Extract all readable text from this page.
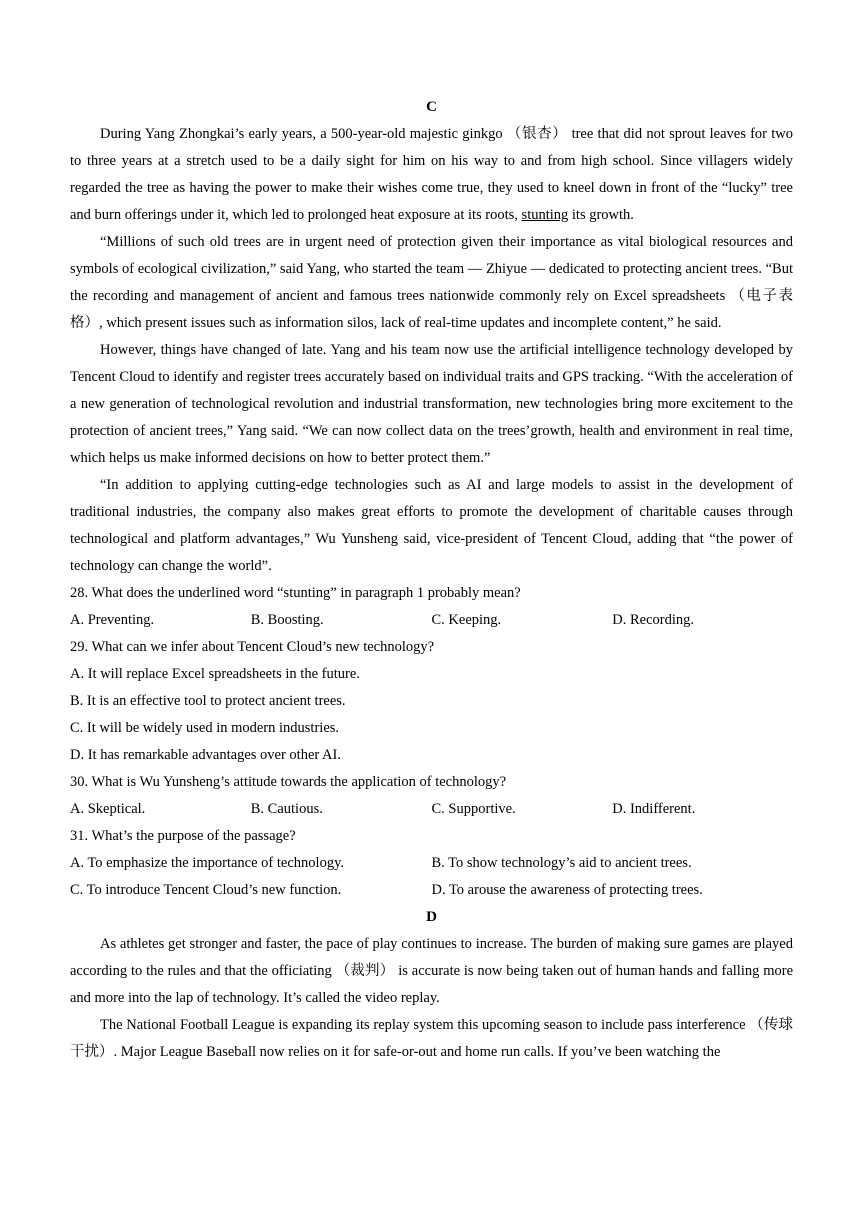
C

During Yang Zhongkai’s early years, a 500-year-old majestic ginkgo （银杏） tree that did not sprout leaves for two to three years at a stretch used to be a daily sight for him on his way to and from high school. Since villagers widely regarded the tree as having the power to make their wishes come true, they used to kneel down in front of the “lucky” tree and burn offerings under it, which led to prolonged heat exposure at its roots, stunting its growth.

“Millions of such old trees are in urgent need of protection given their importance as vital biological resources and symbols of ecological civilization,” said Yang, who started the team — Zhiyue — dedicated to protecting ancient trees. “But the recording and management of ancient and famous trees nationwide commonly rely on Excel spreadsheets （电子表格）, which present issues such as information silos, lack of real-time updates and incomplete content,” he said.

However, things have changed of late. Yang and his team now use the artificial intelligence technology developed by Tencent Cloud to identify and register trees accurately based on individual traits and GPS tracking. “With the acceleration of a new generation of technological revolution and industrial transformation, new technologies bring more excitement to the protection of ancient trees,” Yang said. “We can now collect data on the trees’growth, health and environment in real time, which helps us make informed decisions on how to better protect them.”

“In addition to applying cutting-edge technologies such as AI and large models to assist in the development of traditional industries, the company also makes great efforts to promote the development of charitable causes through technological and platform advantages,” Wu Yunsheng said, vice-president of Tencent Cloud, adding that “the power of technology can change the world”.

28. What does the underlined word “stunting” in paragraph 1 probably mean?
A. Preventing.	B. Boosting.	C. Keeping.	D. Recording.
29. What can we infer about Tencent Cloud’s new technology?
A. It will replace Excel spreadsheets in the future.
B. It is an effective tool to protect ancient trees.
C. It will be widely used in modern industries.
D. It has remarkable advantages over other AI.
30. What is Wu Yunsheng’s attitude towards the application of technology?
A. Skeptical.	B. Cautious.	C. Supportive.	D. Indifferent.
31. What’s the purpose of the passage?
A. To emphasize the importance of technology.	B. To show technology’s aid to ancient trees.
C. To introduce Tencent Cloud’s new function.	D. To arouse the awareness of protecting trees.
D

As athletes get stronger and faster, the pace of play continues to increase. The burden of making sure games are played according to the rules and that the officiating （裁判） is accurate is now being taken out of human hands and falling more and more into the lap of technology. It’s called the video replay.

The National Football League is expanding its replay system this upcoming season to include pass interference （传球干扰）. Major League Baseball now relies on it for safe-or-out and home run calls. If you’ve been watching the
